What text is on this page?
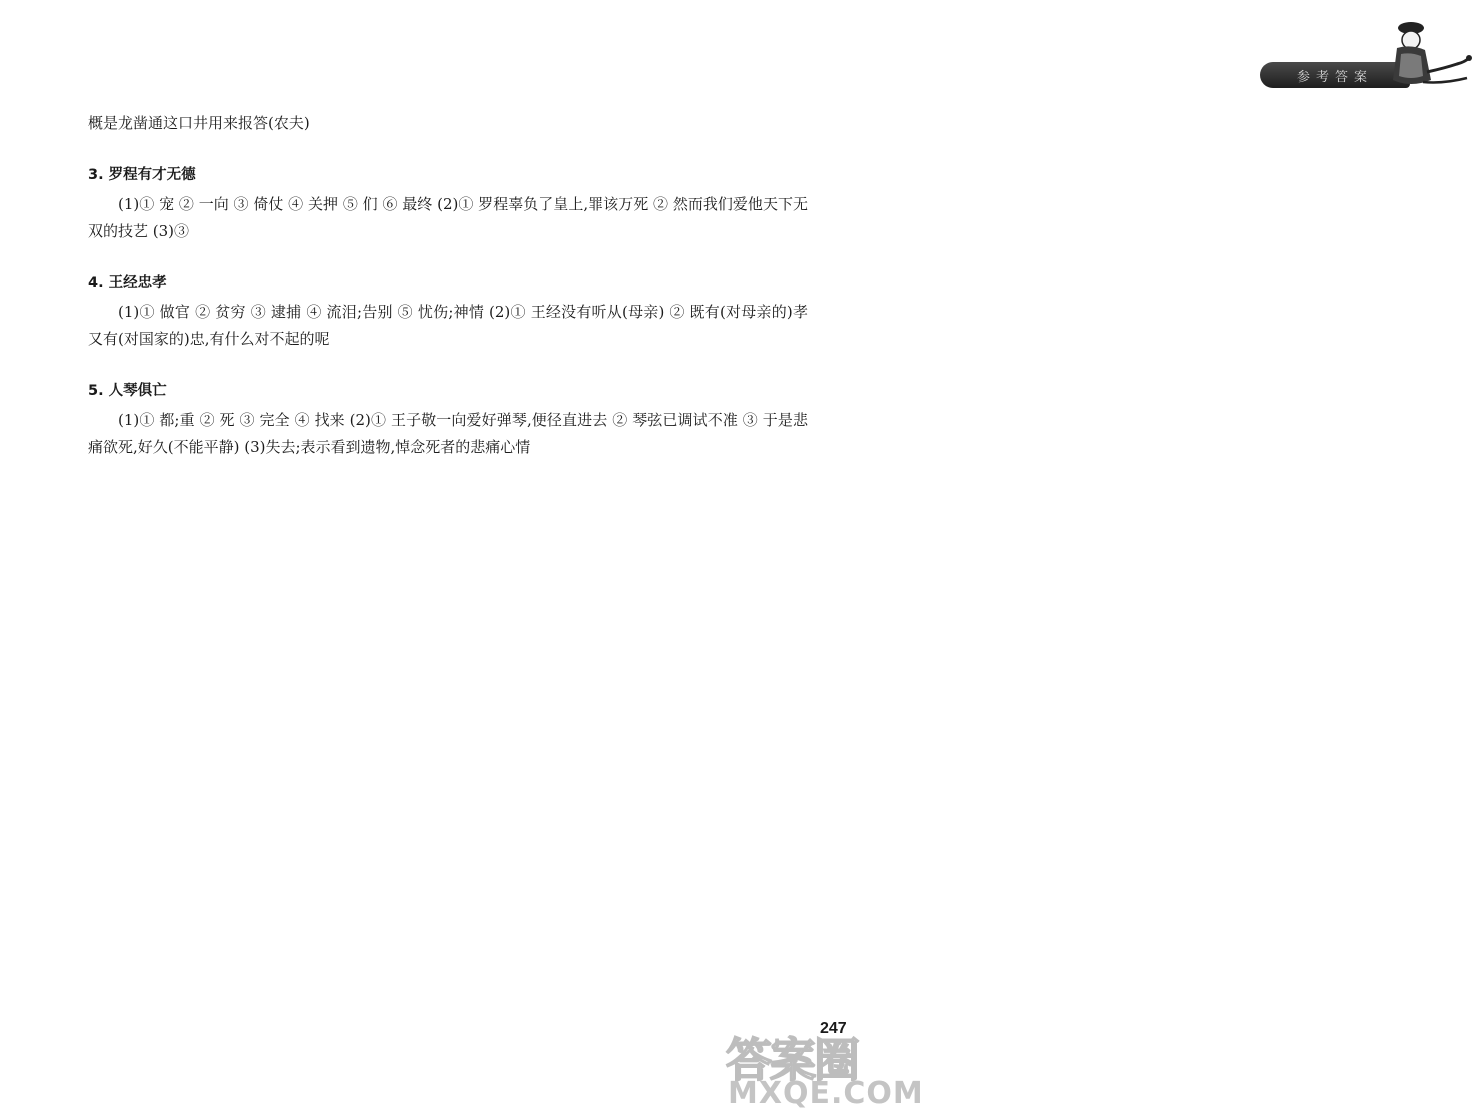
参考答案

概是龙凿通这口井用来报答(农夫)

3. 罗程有才无德

(1)① 宠 ② 一向 ③ 倚仗 ④ 关押 ⑤ 们 ⑥ 最终 (2)① 罗程辜负了皇上,罪该万死 ② 然而我们爱他天下无双的技艺 (3)③

4. 王经忠孝

(1)① 做官 ② 贫穷 ③ 逮捕 ④ 流泪;告别 ⑤ 忧伤;神情 (2)① 王经没有听从(母亲) ② 既有(对母亲的)孝又有(对国家的)忠,有什么对不起的呢

5. 人琴俱亡

(1)① 都;重 ② 死 ③ 完全 ④ 找来 (2)① 王子敬一向爱好弹琴,便径直进去 ② 琴弦已调试不准 ③ 于是悲痛欲死,好久(不能平静) (3)失去;表示看到遗物,悼念死者的悲痛心情

247
答案圈
MXQE.COM
